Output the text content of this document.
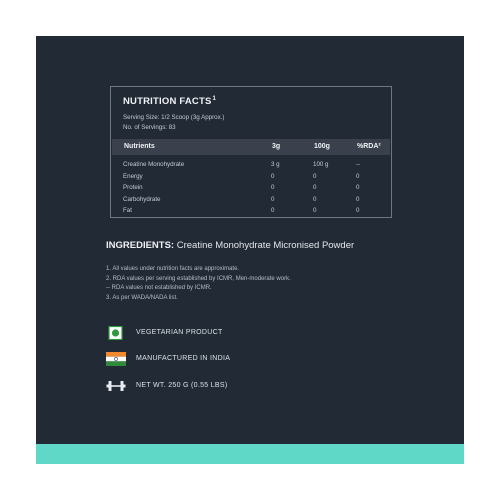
NUTRITION FACTS$^1$
Serving Size: 1/2 Scoop (3g Approx.)
No. of Servings: 83
Nutrients	3g	100g	%RDA²
Creatine Monohydrate	3 g	100 g	--
Energy	0	0	0
Protein	0	0	0
Carbohydrate	0	0	0
Fat	0	0	0
INGREDIENTS: Creatine Monohydrate Micronised Powder
1. All values under nutrition facts are approximate.
2. RDA values per serving established by ICMR, Men-moderate work.
-- RDA values not established by ICMR.
3. As per WADA/NADA list.
VEGETARIAN PRODUCT
MANUFACTURED IN INDIA
NET WT. 250 G (0.55 LBS)
